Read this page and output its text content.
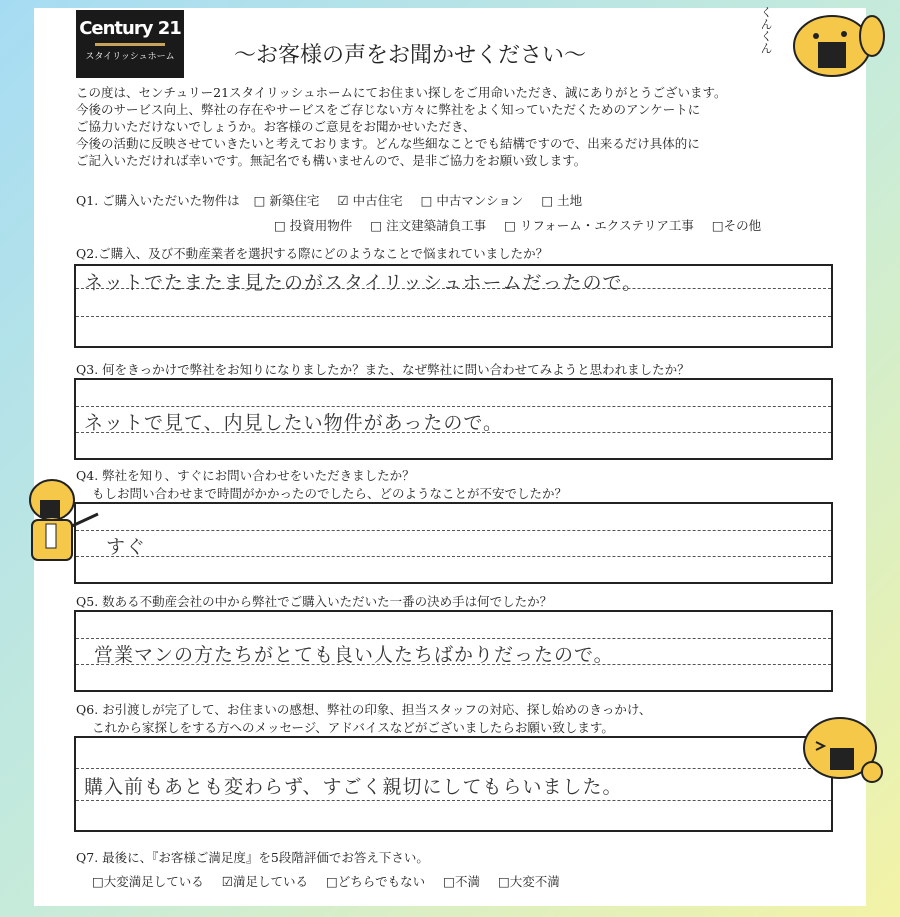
Century 21
スタイリッシュホーム	〜お客様の声をお聞かせください〜
この度は、センチュリー21スタイリッシュホームにてお住まい探しをご用命いただき、誠にありがとうございます。
今後のサービス向上、弊社の存在やサービスをご存じない方々に弊社をよく知っていただくためのアンケートに
ご協力いただけないでしょうか。お客様のご意見をお聞かせいただき、
今後の活動に反映させていきたいと考えております。どんな些細なことでも結構ですので、出来るだけ具体的に
ご記入いただければ幸いです。無記名でも構いませんので、是非ご協力をお願い致します。
Q1. ご購入いただいた物件は □ 新築住宅 ☑ 中古住宅 □ 中古マンション □ 土地
□ 投資用物件 □ 注文建築請負工事 □ リフォーム・エクステリア工事 □その他
Q2.ご購入、及び不動産業者を選択する際にどのようなことで悩まれていましたか？
ネットでたまたま見たのがスタイリッシュホームだったので。
Q3. 何をきっかけで弊社をお知りになりましたか？また、なぜ弊社に問い合わせてみようと思われましたか？
ネットで見て、内見したい物件があったので。
Q4. 弊社を知り、すぐにお問い合わせをいただきましたか？
もしお問い合わせまで時間がかかったのでしたら、どのようなことが不安でしたか？
すぐ
Q5. 数ある不動産会社の中から弊社でご購入いただいた一番の決め手は何でしたか？
営業マンの方たちがとても良い人たちばかりだったので。
Q6. お引渡しが完了して、お住まいの感想、弊社の印象、担当スタッフの対応、探し始めのきっかけ、
これから家探しをする方へのメッセージ、アドバイスなどがございましたらお願い致します。
購入前もあとも変わらず、すごく親切にしてもらいました。
Q7. 最後に、『お客様ご満足度』を5段階評価でお答え下さい。
□大変満足している ☑満足している □どちらでもない □不満 □大変不満
くんくん
